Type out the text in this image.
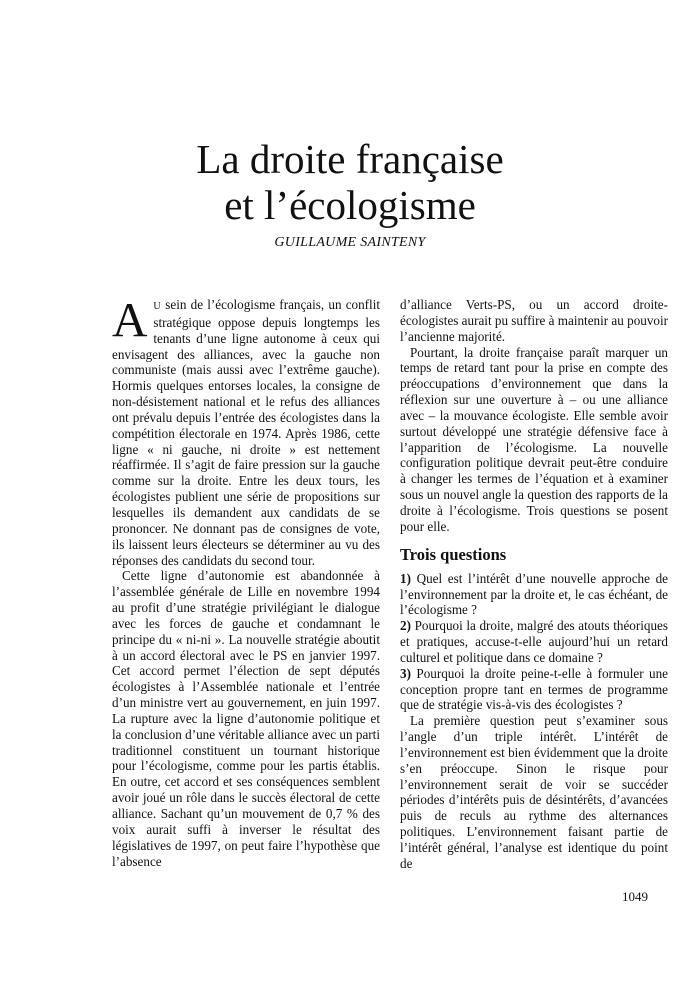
La droite française
et l’écologisme
GUILLAUME SAINTENY

A U sein de l’écologisme français, un conflit stratégique oppose depuis longtemps les tenants d’une ligne autonome à ceux qui envisagent des alliances, avec la gauche non communiste (mais aussi avec l’extrême gauche). Hormis quelques entorses locales, la consigne de non-désistement national et le refus des alliances ont prévalu depuis l’entrée des écologistes dans la compétition électorale en 1974. Après 1986, cette ligne « ni gauche, ni droite » est nettement réaffirmée. Il s’agit de faire pression sur la gauche comme sur la droite. Entre les deux tours, les écologistes publient une série de propositions sur lesquelles ils demandent aux candidats de se prononcer. Ne donnant pas de consignes de vote, ils laissent leurs électeurs se déterminer au vu des réponses des candidats du second tour.

Cette ligne d’autonomie est abandonnée à l’assemblée générale de Lille en novembre 1994 au profit d’une stratégie privilégiant le dialogue avec les forces de gauche et condamnant le principe du « ni-ni ». La nouvelle stratégie aboutit à un accord électoral avec le PS en janvier 1997. Cet accord permet l’élection de sept députés écologistes à l’Assemblée nationale et l’entrée d’un ministre vert au gouvernement, en juin 1997. La rupture avec la ligne d’autonomie politique et la conclusion d’une véritable alliance avec un parti traditionnel constituent un tournant historique pour l’écologisme, comme pour les partis établis. En outre, cet accord et ses conséquences semblent avoir joué un rôle dans le succès électoral de cette alliance. Sachant qu’un mouvement de 0,7 % des voix aurait suffi à inverser le résultat des législatives de 1997, on peut faire l’hypothèse que l’absence

d’alliance Verts-PS, ou un accord droite-écologistes aurait pu suffire à maintenir au pouvoir l’ancienne majorité.

Pourtant, la droite française paraît marquer un temps de retard tant pour la prise en compte des préoccupations d’environnement que dans la réflexion sur une ouverture à – ou une alliance avec – la mouvance écologiste. Elle semble avoir surtout développé une stratégie défensive face à l’apparition de l’écologisme. La nouvelle configuration politique devrait peut-être conduire à changer les termes de l’équation et à examiner sous un nouvel angle la question des rapports de la droite à l’écologisme. Trois questions se posent pour elle.

Trois questions

1) Quel est l’intérêt d’une nouvelle approche de l’environnement par la droite et, le cas échéant, de l’écologisme ?

2) Pourquoi la droite, malgré des atouts théoriques et pratiques, accuse-t-elle aujourd’hui un retard culturel et politique dans ce domaine ?

3) Pourquoi la droite peine-t-elle à formuler une conception propre tant en termes de programme que de stratégie vis-à-vis des écologistes ?

La première question peut s’examiner sous l’angle d’un triple intérêt. L’intérêt de l’environnement est bien évidemment que la droite s’en préoccupe. Sinon le risque pour l’environnement serait de voir se succéder périodes d’intérêts puis de désintérêts, d’avancées puis de reculs au rythme des alternances politiques. L’environnement faisant partie de l’intérêt général, l’analyse est identique du point de

1049
